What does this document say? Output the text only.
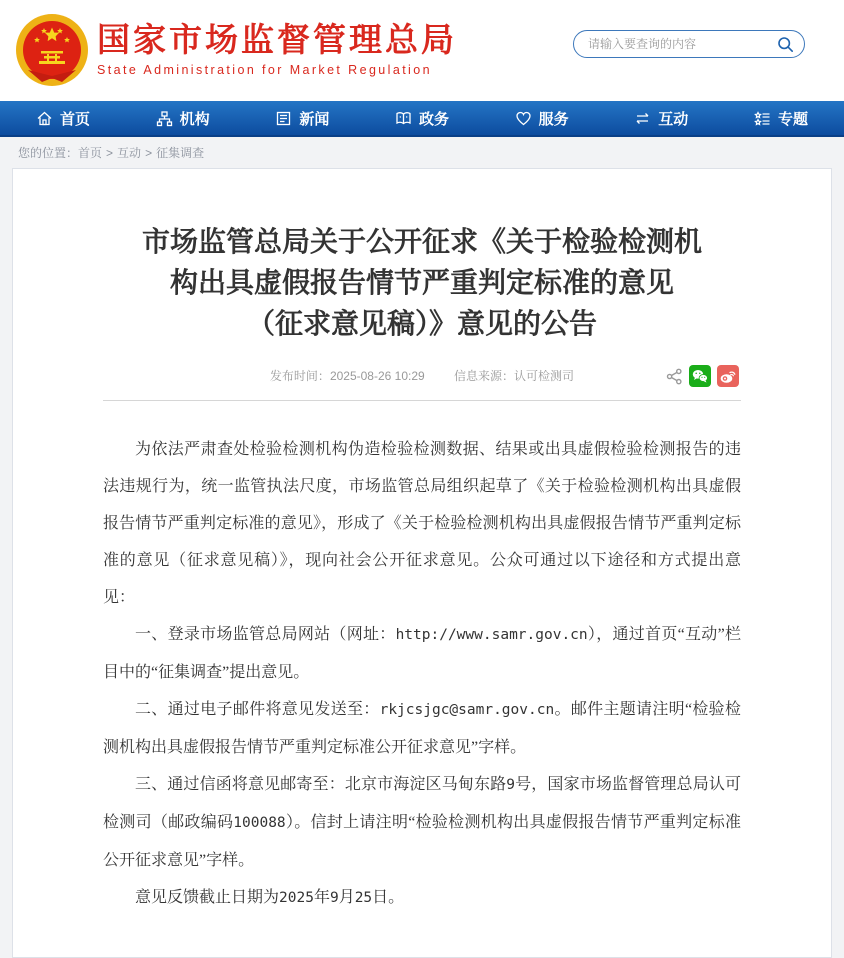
国家市场监督管理总局
State Administration for Market Regulation
请输入要查询的内容
首页	机构	新闻	政务	服务	互动	专题
您的位置： 首页 > 互动 > 征集调查
市场监管总局关于公开征求《关于检验检测机
构出具虚假报告情节严重判定标准的意见
（征求意见稿）》意见的公告
发布时间：2025-08-26 10:29 信息来源：认可检测司

为依法严肃查处检验检测机构伪造检验检测数据、结果或出具虚假检验检测报告的违法违规行为，统一监管执法尺度，市场监管总局组织起草了《关于检验检测机构出具虚假报告情节严重判定标准的意见》，形成了《关于检验检测机构出具虚假报告情节严重判定标准的意见（征求意见稿）》，现向社会公开征求意见。公众可通过以下途径和方式提出意见：

一、登录市场监管总局网站（网址：http://www.samr.gov.cn），通过首页“互动”栏目中的“征集调查”提出意见。

二、通过电子邮件将意见发送至：rkjcsjgc@samr.gov.cn。邮件主题请注明“检验检测机构出具虚假报告情节严重判定标准公开征求意见”字样。

三、通过信函将意见邮寄至：北京市海淀区马甸东路9号，国家市场监督管理总局认可检测司（邮政编码100088）。信封上请注明“检验检测机构出具虚假报告情节严重判定标准公开征求意见”字样。

意见反馈截止日期为2025年9月25日。
